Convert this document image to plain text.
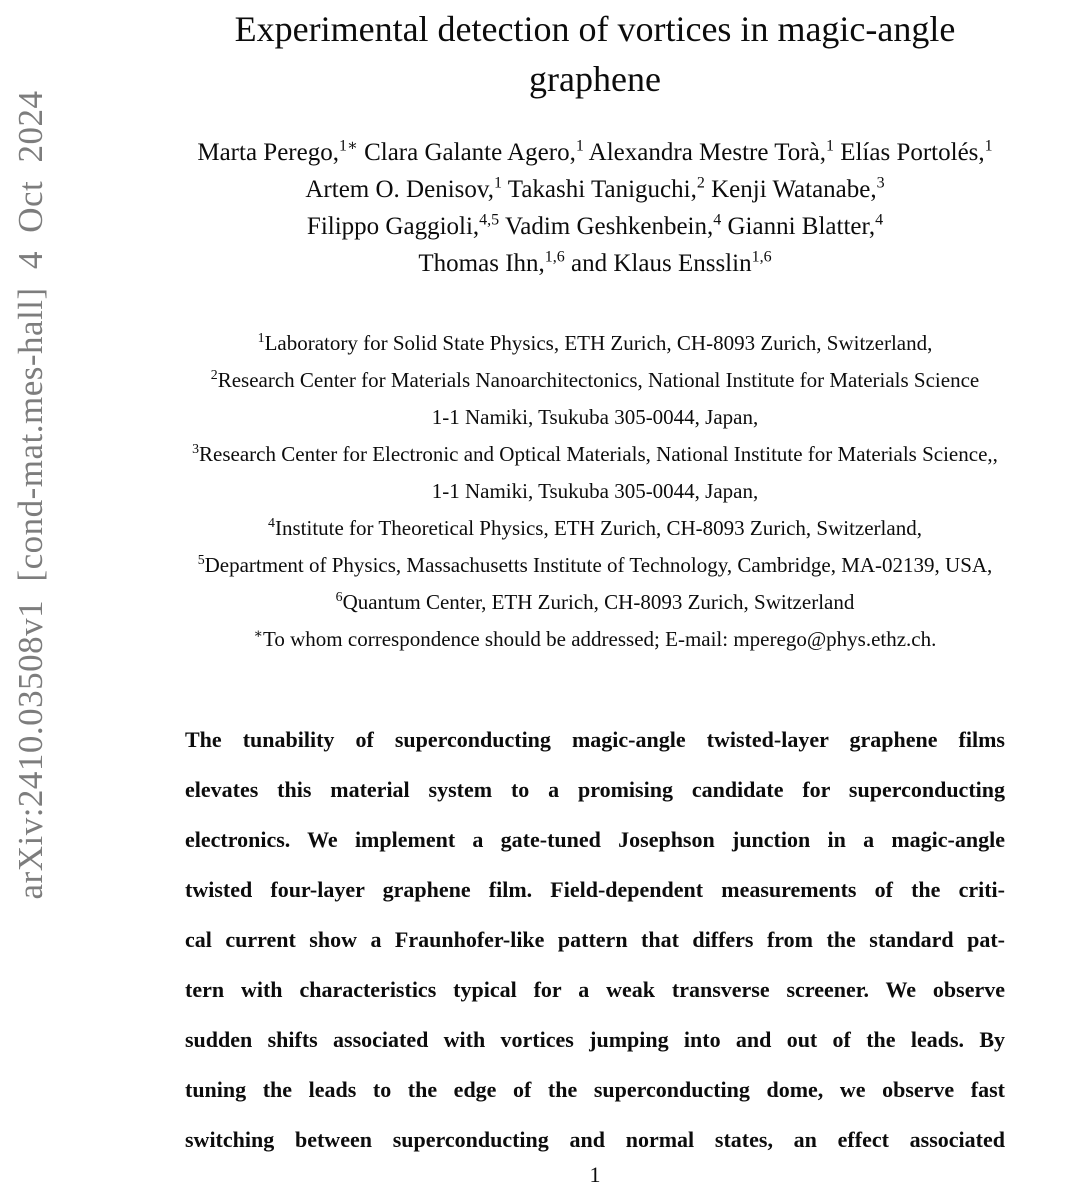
arXiv:2410.03508v1 [cond-mat.mes-hall] 4 Oct 2024
Experimental detection of vortices in magic-angle
graphene
Marta Perego,$^{1∗}$ Clara Galante Agero,$^1$ Alexandra Mestre Torà,$^1$ Elías Portolés,$^1$
Artem O. Denisov,$^1$ Takashi Taniguchi,$^2$ Kenji Watanabe,$^3$
Filippo Gaggioli,$^{4,5}$ Vadim Geshkenbein,$^4$ Gianni Blatter,$^4$
Thomas Ihn,$^{1,6}$ and Klaus Ensslin$^{1,6}$
$^1$Laboratory for Solid State Physics, ETH Zurich, CH-8093 Zurich, Switzerland,
$^2$Research Center for Materials Nanoarchitectonics, National Institute for Materials Science
1-1 Namiki, Tsukuba 305-0044, Japan,
$^3$Research Center for Electronic and Optical Materials, National Institute for Materials Science,,
1-1 Namiki, Tsukuba 305-0044, Japan,
$^4$Institute for Theoretical Physics, ETH Zurich, CH-8093 Zurich, Switzerland,
$^5$Department of Physics, Massachusetts Institute of Technology, Cambridge, MA-02139, USA,
$^6$Quantum Center, ETH Zurich, CH-8093 Zurich, Switzerland
∗To whom correspondence should be addressed; E-mail: mperego@phys.ethz.ch.
The tunability of superconducting magic-angle twisted-layer graphene films
elevates this material system to a promising candidate for superconducting
electronics. We implement a gate-tuned Josephson junction in a magic-angle
twisted four-layer graphene film. Field-dependent measurements of the criti-
cal current show a Fraunhofer-like pattern that differs from the standard pat-
tern with characteristics typical for a weak transverse screener. We observe
sudden shifts associated with vortices jumping into and out of the leads. By
tuning the leads to the edge of the superconducting dome, we observe fast
switching between superconducting and normal states, an effect associated
1
